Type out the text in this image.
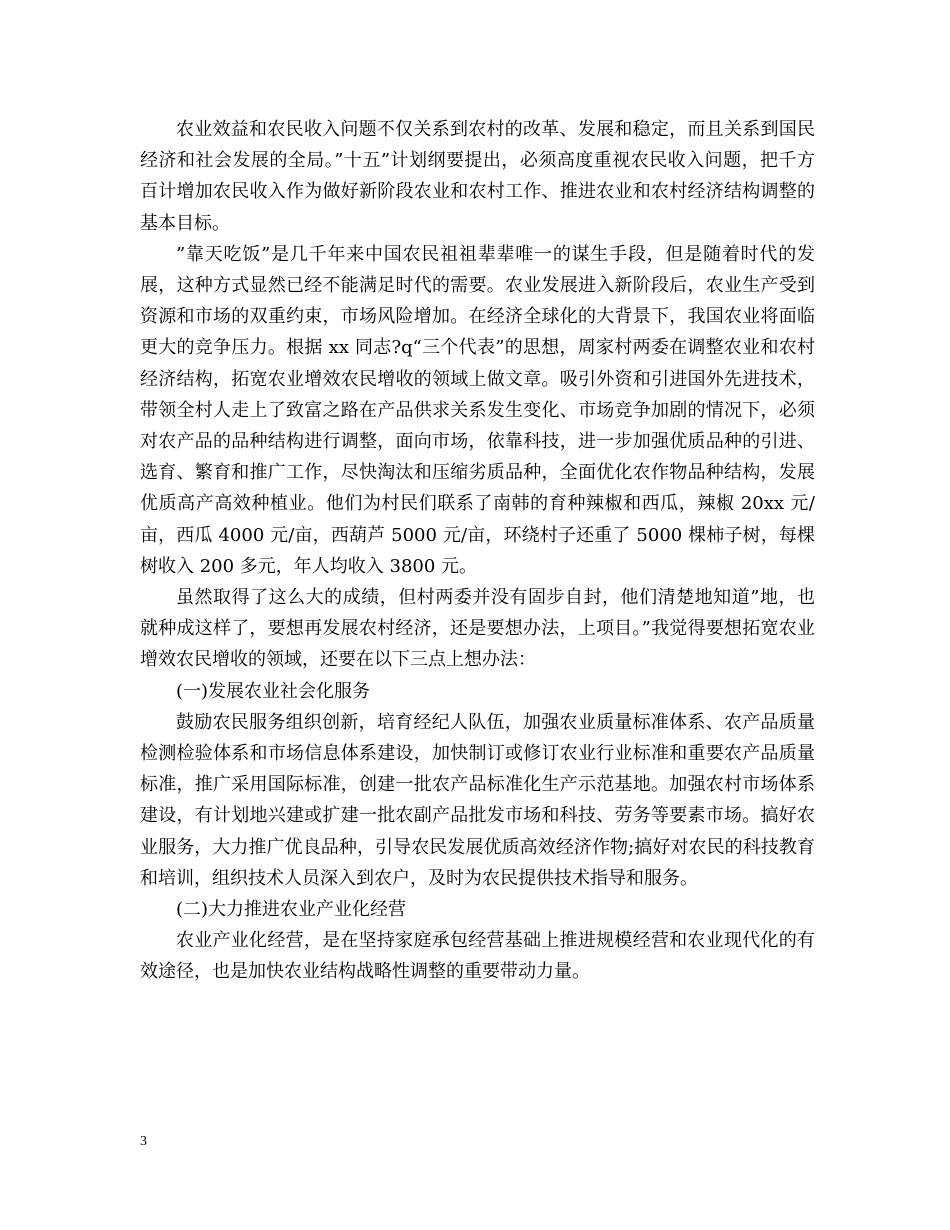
农业效益和农民收入问题不仅关系到农村的改革、发展和稳定，而且关系到国民经济和社会发展的全局。”十五”计划纲要提出，必须高度重视农民收入问题，把千方百计增加农民收入作为做好新阶段农业和农村工作、推进农业和农村经济结构调整的基本目标。

”靠天吃饭”是几千年来中国农民祖祖辈辈唯一的谋生手段，但是随着时代的发展，这种方式显然已经不能满足时代的需要。农业发展进入新阶段后，农业生产受到资源和市场的双重约束，市场风险增加。在经济全球化的大背景下，我国农业将面临更大的竞争压力。根据 xx 同志?q“三个代表”的思想，周家村两委在调整农业和农村经济结构，拓宽农业增效农民增收的领域上做文章。吸引外资和引进国外先进技术，带领全村人走上了致富之路在产品供求关系发生变化、市场竞争加剧的情况下，必须对农产品的品种结构进行调整，面向市场，依靠科技，进一步加强优质品种的引进、选育、繁育和推广工作，尽快淘汰和压缩劣质品种，全面优化农作物品种结构，发展优质高产高效种植业。他们为村民们联系了南韩的育种辣椒和西瓜，辣椒 20xx 元/亩，西瓜 4000 元/亩，西葫芦 5000 元/亩，环绕村子还重了 5000 棵柿子树，每棵树收入 200 多元，年人均收入 3800 元。

虽然取得了这么大的成绩，但村两委并没有固步自封，他们清楚地知道”地，也就种成这样了，要想再发展农村经济，还是要想办法，上项目。”我觉得要想拓宽农业增效农民增收的领域，还要在以下三点上想办法：

(一)发展农业社会化服务

鼓励农民服务组织创新，培育经纪人队伍，加强农业质量标准体系、农产品质量检测检验体系和市场信息体系建设，加快制订或修订农业行业标准和重要农产品质量标准，推广采用国际标准，创建一批农产品标准化生产示范基地。加强农村市场体系建设，有计划地兴建或扩建一批农副产品批发市场和科技、劳务等要素市场。搞好农业服务，大力推广优良品种，引导农民发展优质高效经济作物;搞好对农民的科技教育和培训，组织技术人员深入到农户，及时为农民提供技术指导和服务。

(二)大力推进农业产业化经营

农业产业化经营，是在坚持家庭承包经营基础上推进规模经营和农业现代化的有效途径，也是加快农业结构战略性调整的重要带动力量。

3
